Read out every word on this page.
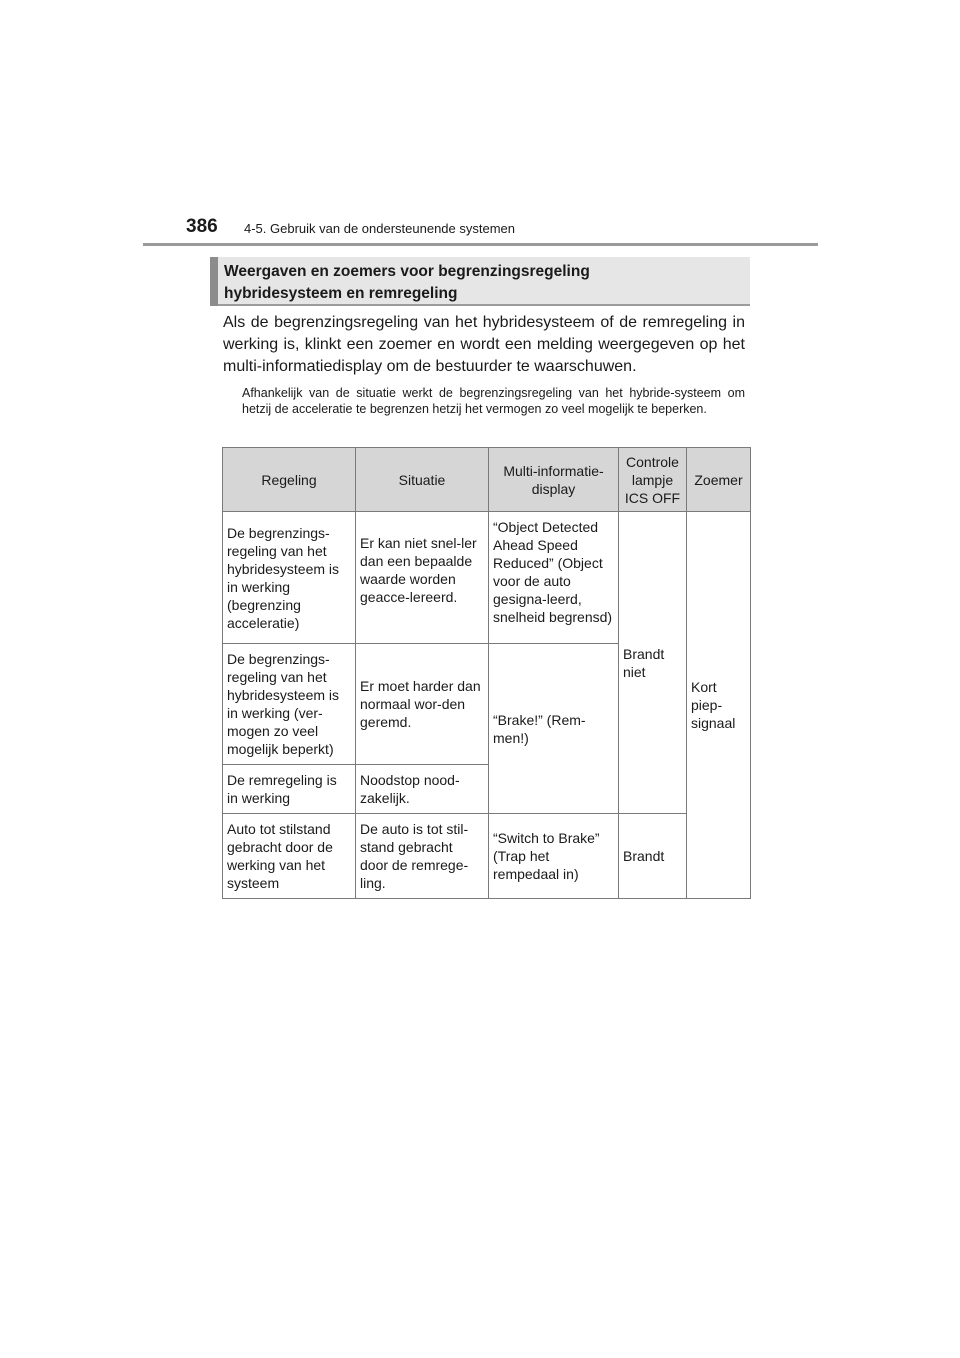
386 4-5. Gebruik van de ondersteunende systemen
Weergaven en zoemers voor begrenzingsregeling
hybridesysteem en remregeling
Als de begrenzingsregeling van het hybridesysteem of de remregeling in werking is, klinkt een zoemer en wordt een melding weergegeven op het multi-informatiedisplay om de bestuurder te waarschuwen.
Afhankelijk van de situatie werkt de begrenzingsregeling van het hybride-systeem om hetzij de acceleratie te begrenzen hetzij het vermogen zo veel mogelijk te beperken.
Regeling	Situatie	Multi-informatie-display	Controle lampje ICS OFF	Zoemer
De begrenzings-regeling van het hybridesysteem is in werking (begrenzing acceleratie)	Er kan niet snel-ler dan een bepaalde waarde worden geacce-lereerd.	“Object Detected Ahead Speed Reduced” (Object voor de auto gesigna-leerd, snelheid begrensd)	Brandt niet	Kort piep-signaal
De begrenzings-regeling van het hybridesysteem is in werking (ver-mogen zo veel mogelijk beperkt)	Er moet harder dan normaal wor-den geremd.	“Brake!” (Rem-men!)		
De remregeling is in werking	Noodstop nood-zakelijk.			
Auto tot stilstand gebracht door de werking van het systeem	De auto is tot stil-stand gebracht door de remrege-ling.	“Switch to Brake” (Trap het rempedaal in)	Brandt	
